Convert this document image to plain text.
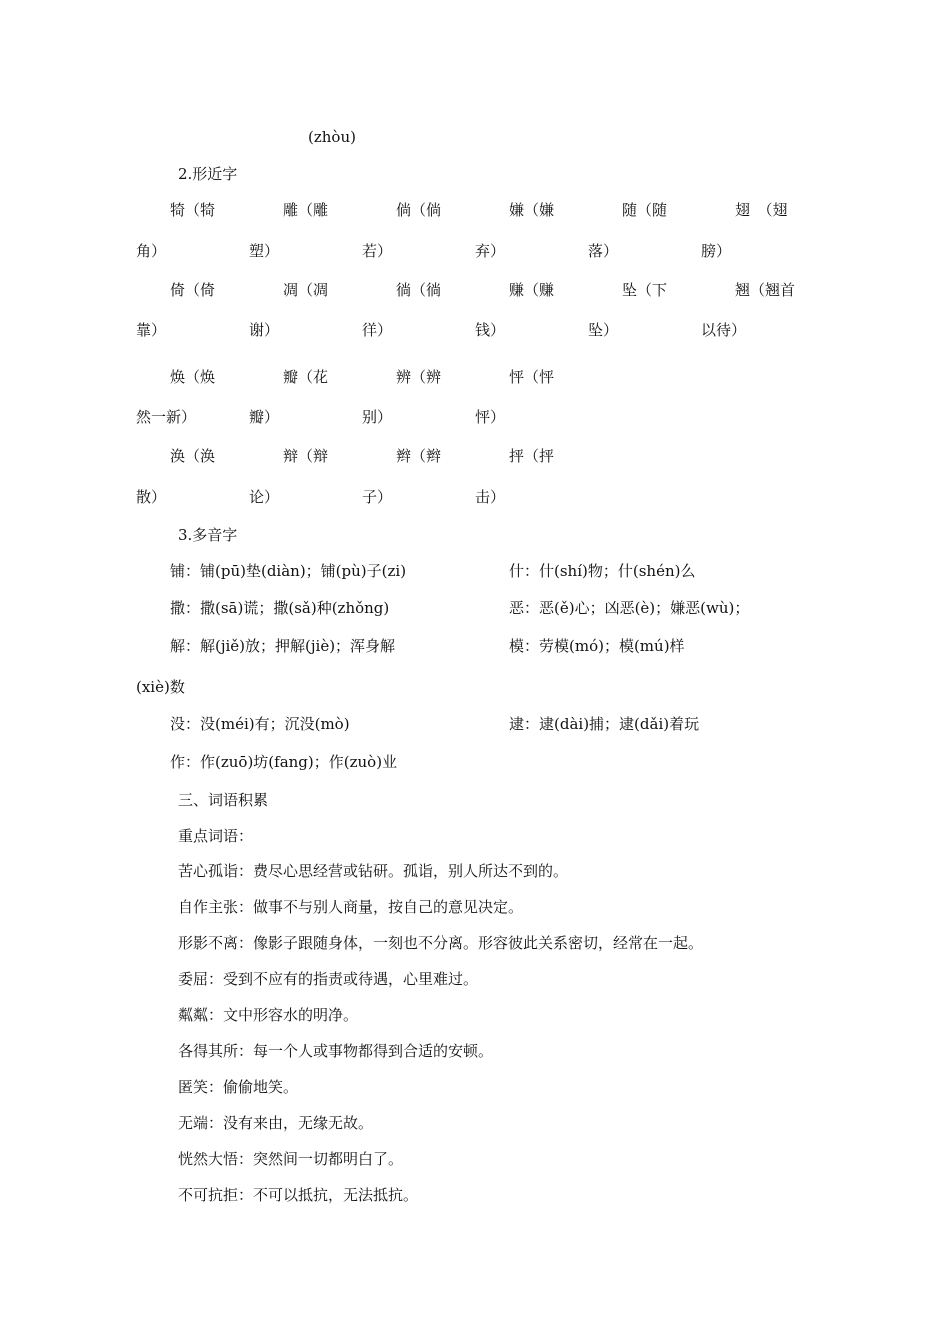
(zhòu)
2.形近字
犄（犄	雕（雕	倘（倘	嫌（嫌	随（随	翅　（翅
角）	塑）	若）	弃）	落）	膀）
倚（倚	凋（凋	徜（徜	赚（赚	坠（下	翘（翘首
靠）	谢）	徉）	钱）	坠）	以待）
焕（焕	瓣（花	辨（辨	怦（怦
然一新）	瓣）	别）	怦）
涣（涣	辩（辩	辫（辫	抨（抨
散）	论）	子）	击）
3.多音字
铺：铺(pū)垫(diàn)；铺(pù)子(zi)	什：什(shí)物；什(shén)么
撒：撒(sā)谎；撒(sǎ)种(zhǒng)	恶：恶(ě)心；凶恶(è)；嫌恶(wù)；
解：解(jiě)放；押解(jiè)；浑身解	模：劳模(mó)；模(mú)样
(xiè)数
没：没(méi)有；沉没(mò)	逮：逮(dài)捕；逮(dǎi)着玩
作：作(zuō)坊(fang)；作(zuò)业
三、词语积累
重点词语：
苦心孤诣：费尽心思经营或钻研。孤诣，别人所达不到的。
自作主张：做事不与别人商量，按自己的意见决定。
形影不离：像影子跟随身体，一刻也不分离。形容彼此关系密切，经常在一起。
委屈：受到不应有的指责或待遇，心里难过。
粼粼：文中形容水的明净。
各得其所：每一个人或事物都得到合适的安顿。
匿笑：偷偷地笑。
无端：没有来由，无缘无故。
恍然大悟：突然间一切都明白了。
不可抗拒：不可以抵抗，无法抵抗。
